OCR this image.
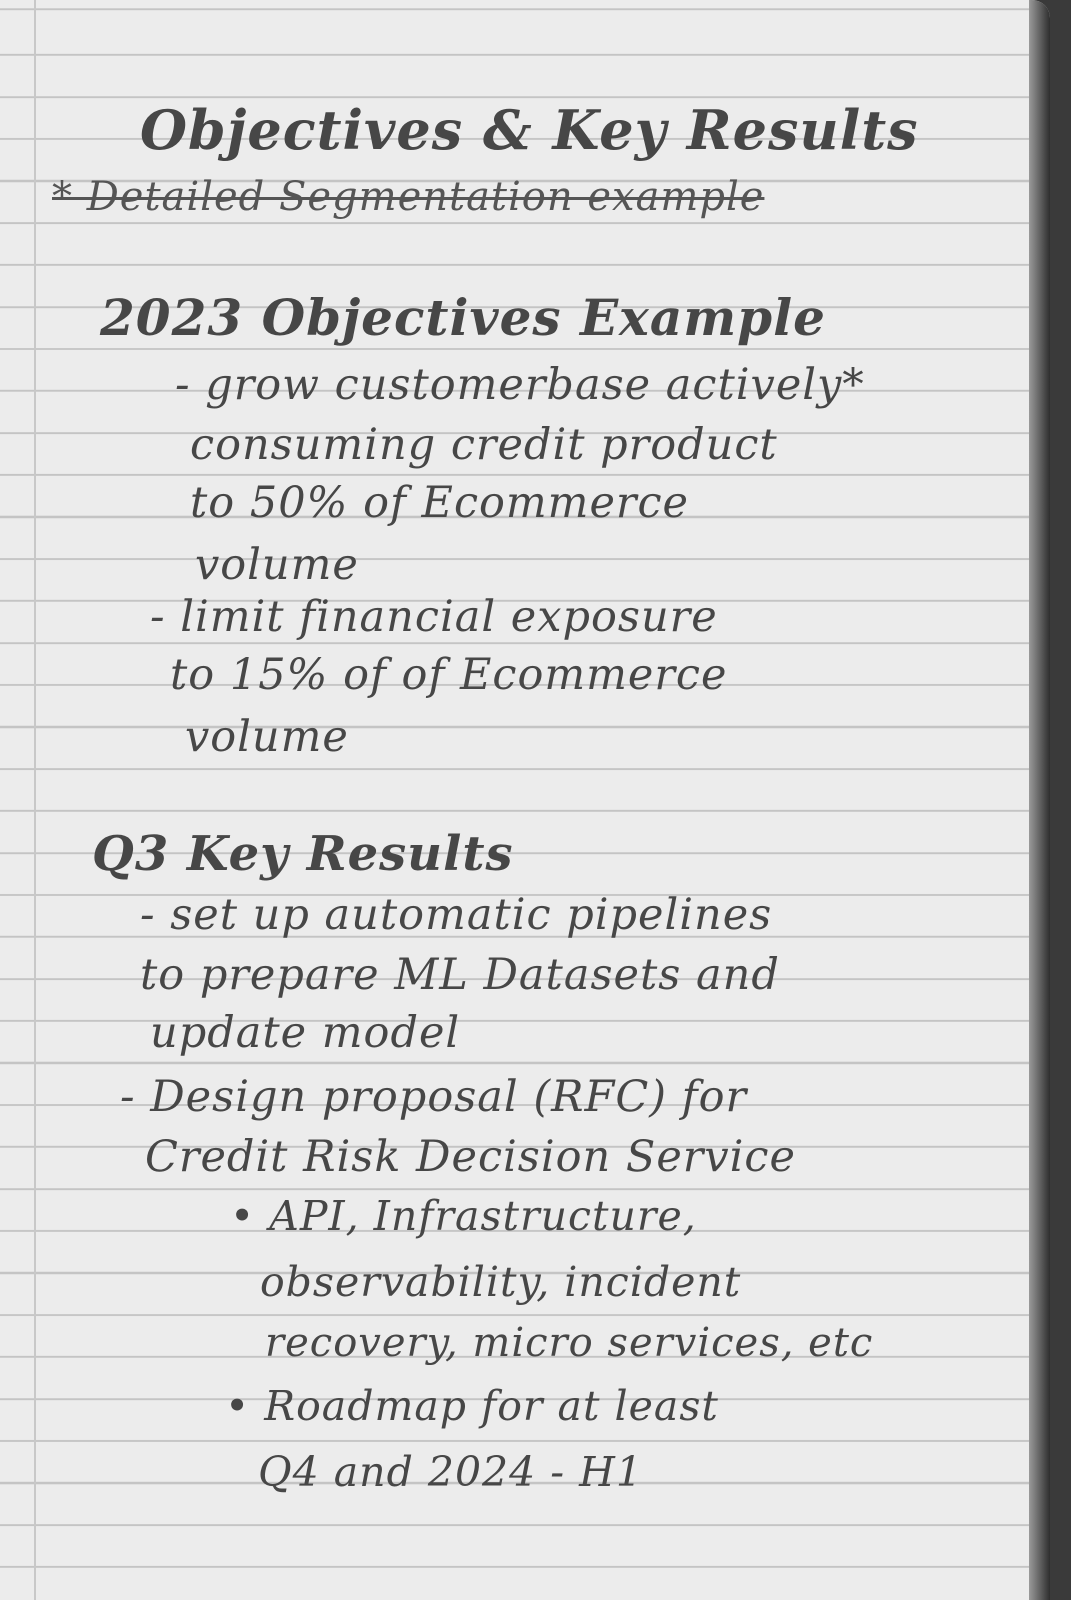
Objectives & Key Results

* Detailed Segmentation example

2023 Objectives Example

- grow customerbase actively*

consuming credit product

to 50% of Ecommerce

volume

- limit financial exposure

to 15% of of Ecommerce

volume

Q3 Key Results

- set up automatic pipelines

to prepare ML Datasets and

update model

- Design proposal (RFC) for

Credit Risk Decision Service

• API, Infrastructure,

observability, incident

recovery, micro services, etc

• Roadmap for at least

Q4 and 2024 - H1
